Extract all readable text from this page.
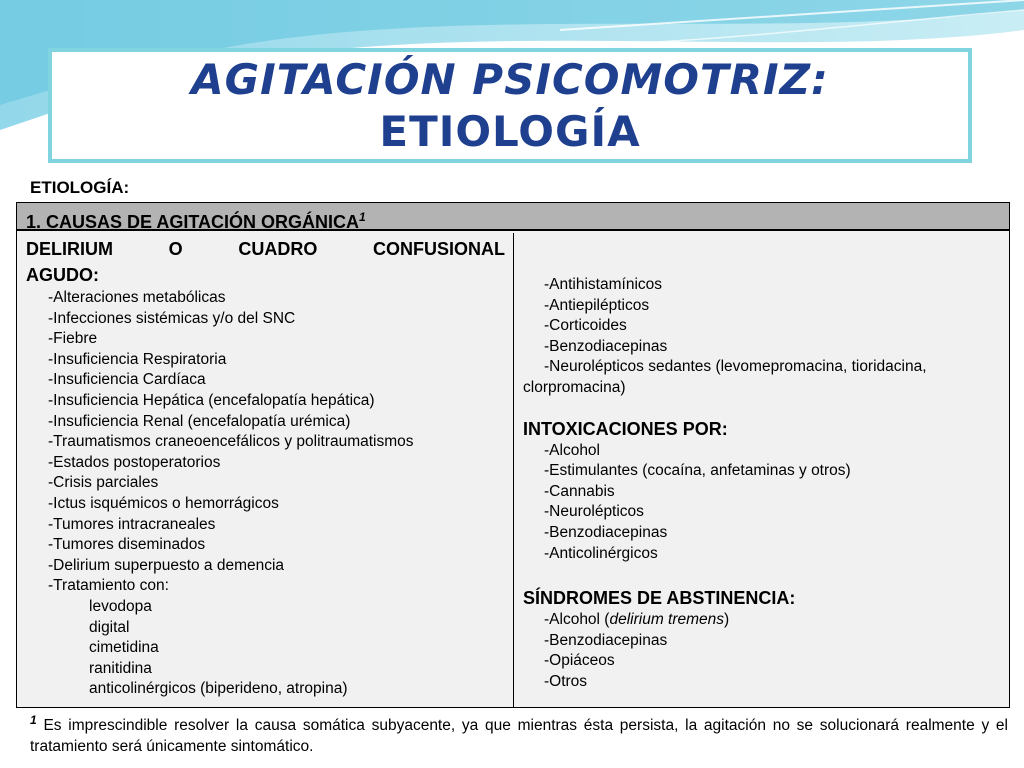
AGITACIÓN PSICOMOTRIZ:
ETIOLOGÍA
ETIOLOGÍA:
1. CAUSAS DE AGITACIÓN ORGÁNICA$^1$
DELIRIUM	O	CUADRO	CONFUSIONAL
AGUDO:
-Alteraciones metabólicas
-Infecciones sistémicas y/o del SNC
-Fiebre
-Insuficiencia Respiratoria
-Insuficiencia Cardíaca
-Insuficiencia Hepática (encefalopatía hepática)
-Insuficiencia Renal (encefalopatía urémica)
-Traumatismos craneoencefálicos y politraumatismos
-Estados postoperatorios
-Crisis parciales
-Ictus isquémicos o hemorrágicos
-Tumores intracraneales
-Tumores diseminados
-Delirium superpuesto a demencia
-Tratamiento con:
levodopa
digital
cimetidina
ranitidina
anticolinérgicos (biperideno, atropina)
-Antihistamínicos
-Antiepilépticos
-Corticoides
-Benzodiacepinas
-Neurolépticos sedantes (levomepromacina, tioridacina,
clorpromacina)
INTOXICACIONES POR:
-Alcohol
-Estimulantes (cocaína, anfetaminas y otros)
-Cannabis
-Neurolépticos
-Benzodiacepinas
-Anticolinérgicos
SÍNDROMES DE ABSTINENCIA:
-Alcohol (delirium tremens)
-Benzodiacepinas
-Opiáceos
-Otros
$^1$ Es imprescindible resolver la causa somática subyacente, ya que mientras ésta persista, la agitación no se solucionará realmente y el tratamiento será únicamente sintomático.
